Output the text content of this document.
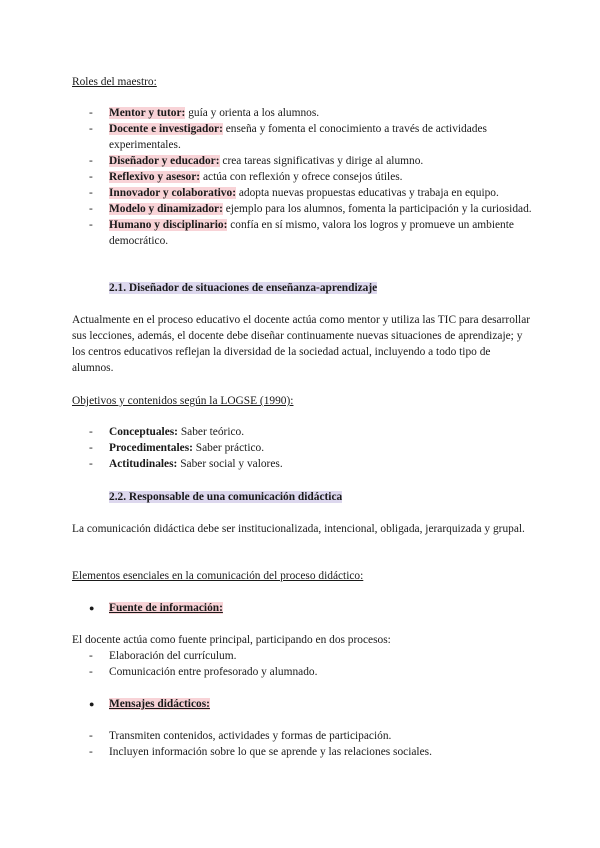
Roles del maestro:
- Mentor y tutor: guía y orienta a los alumnos.
- Docente e investigador: enseña y fomenta el conocimiento a través de actividades experimentales.
- Diseñador y educador: crea tareas significativas y dirige al alumno.
- Reflexivo y asesor: actúa con reflexión y ofrece consejos útiles.
- Innovador y colaborativo: adopta nuevas propuestas educativas y trabaja en equipo.
- Modelo y dinamizador: ejemplo para los alumnos, fomenta la participación y la curiosidad.
- Humano y disciplinario: confía en sí mismo, valora los logros y promueve un ambiente democrático.
2.1. Diseñador de situaciones de enseñanza-aprendizaje
Actualmente en el proceso educativo el docente actúa como mentor y utiliza las TIC para desarrollar sus lecciones, además, el docente debe diseñar continuamente nuevas situaciones de aprendizaje; y los centros educativos reflejan la diversidad de la sociedad actual, incluyendo a todo tipo de alumnos.
Objetivos y contenidos según la LOGSE (1990):
- Conceptuales: Saber teórico.
- Procedimentales: Saber práctico.
- Actitudinales: Saber social y valores.
2.2. Responsable de una comunicación didáctica
La comunicación didáctica debe ser institucionalizada, intencional, obligada, jerarquizada y grupal.
Elementos esenciales en la comunicación del proceso didáctico:
● Fuente de información:
El docente actúa como fuente principal, participando en dos procesos:
- Elaboración del currículum.
- Comunicación entre profesorado y alumnado.
● Mensajes didácticos:
- Transmiten contenidos, actividades y formas de participación.
- Incluyen información sobre lo que se aprende y las relaciones sociales.
